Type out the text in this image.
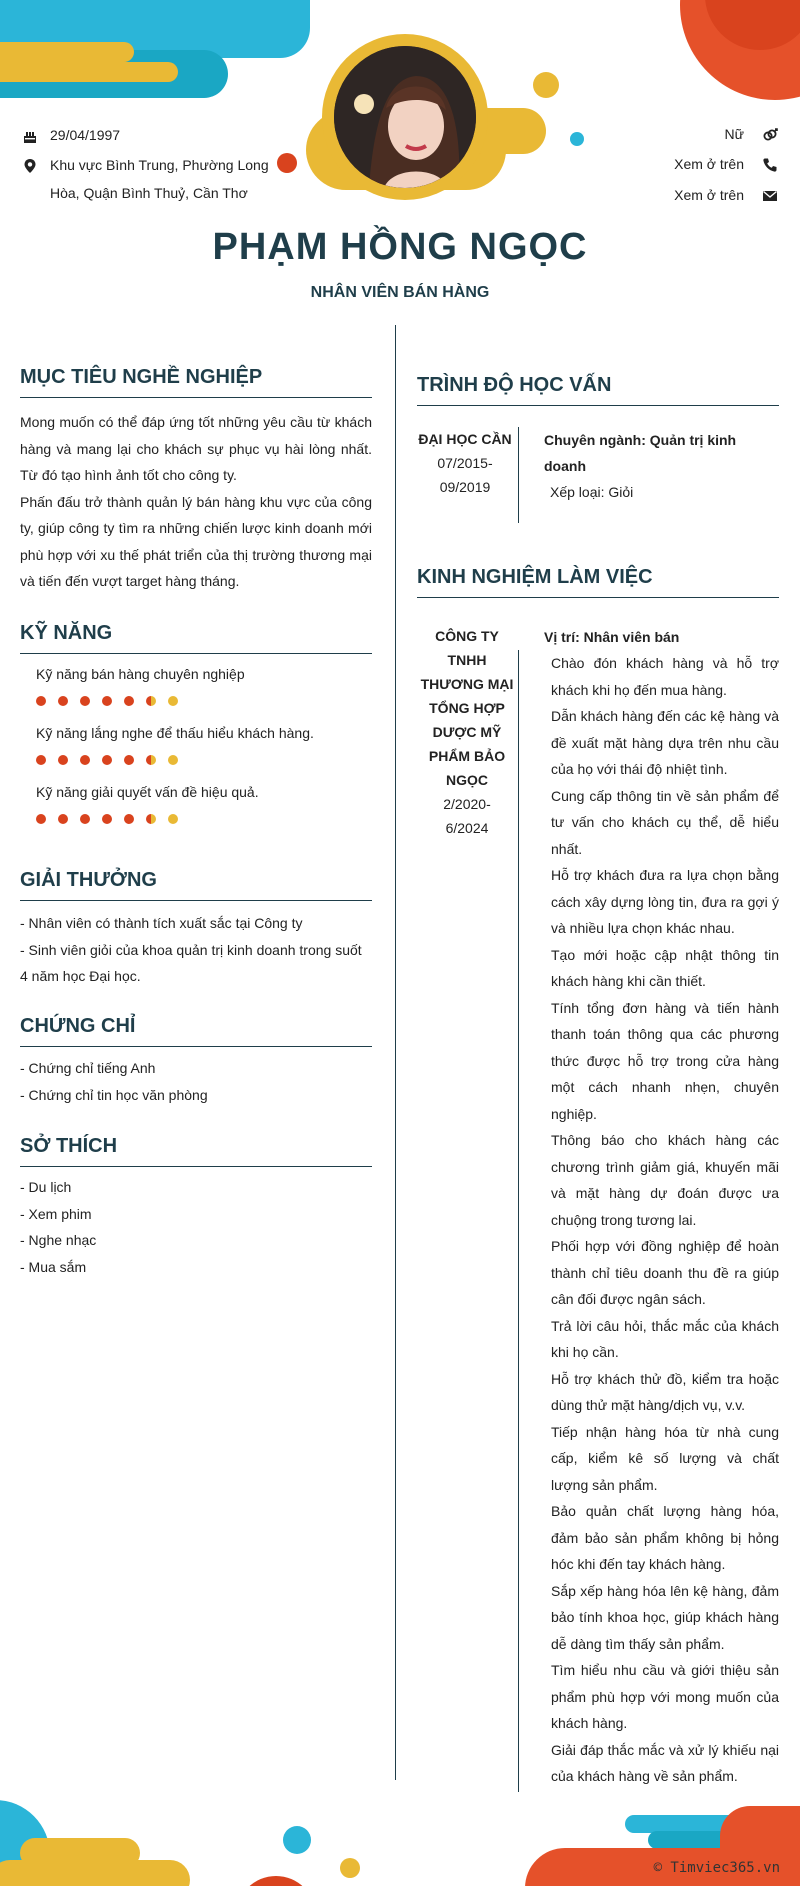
29/04/1997
Khu vực Bình Trung, Phường Long
Hòa, Quận Bình Thuỷ, Cần Thơ
Nữ
Xem ở trên
Xem ở trên
PHẠM HỒNG NGỌC
NHÂN VIÊN BÁN HÀNG
MỤC TIÊU NGHỀ NGHIỆP

Mong muốn có thể đáp ứng tốt những yêu cầu từ khách hàng và mang lại cho khách sự phục vụ hài lòng nhất. Từ đó tạo hình ảnh tốt cho công ty.

Phấn đấu trở thành quản lý bán hàng khu vực của công ty, giúp công ty tìm ra những chiến lược kinh doanh mới phù hợp với xu thế phát triển của thị trường thương mại và tiến đến vượt target hàng tháng.

KỸ NĂNG
Kỹ năng bán hàng chuyên nghiệp
Kỹ năng lắng nghe để thấu hiểu khách hàng.
Kỹ năng giải quyết vấn đề hiệu quả.
GIẢI THƯỞNG

- Nhân viên có thành tích xuất sắc tại Công ty

- Sinh viên giỏi của khoa quản trị kinh doanh trong suốt 4 năm học Đại học.

CHỨNG CHỈ

- Chứng chỉ tiếng Anh

- Chứng chỉ tin học văn phòng

SỞ THÍCH

- Du lịch

- Xem phim

- Nghe nhạc

- Mua sắm

TRÌNH ĐỘ HỌC VẤN
ĐẠI HỌC CẦN
07/2015-
09/2019
Chuyên ngành: Quản trị kinh doanh
Xếp loại: Giỏi
KINH NGHIỆM LÀM VIỆC
CÔNG TY
TNHH
THƯƠNG MẠI
TỔNG HỢP
DƯỢC MỸ
PHẨM BẢO
NGỌC
2/2020-
6/2024
Vị trí: Nhân viên bán

Chào đón khách hàng và hỗ trợ khách khi họ đến mua hàng.

Dẫn khách hàng đến các kệ hàng và đề xuất mặt hàng dựa trên nhu cầu của họ với thái độ nhiệt tình.

Cung cấp thông tin về sản phẩm để tư vấn cho khách cụ thể, dễ hiểu nhất.

Hỗ trợ khách đưa ra lựa chọn bằng cách xây dựng lòng tin, đưa ra gợi ý và nhiều lựa chọn khác nhau.

Tạo mới hoặc cập nhật thông tin khách hàng khi cần thiết.

Tính tổng đơn hàng và tiến hành thanh toán thông qua các phương thức được hỗ trợ trong cửa hàng một cách nhanh nhẹn, chuyên nghiệp.

Thông báo cho khách hàng các chương trình giảm giá, khuyến mãi và mặt hàng dự đoán được ưa chuộng trong tương lai.

Phối hợp với đồng nghiệp để hoàn thành chỉ tiêu doanh thu đề ra giúp cân đối được ngân sách.

Trả lời câu hỏi, thắc mắc của khách khi họ cần.

Hỗ trợ khách thử đồ, kiểm tra hoặc dùng thử mặt hàng/dịch vụ, v.v.

Tiếp nhận hàng hóa từ nhà cung cấp, kiểm kê số lượng và chất lượng sản phẩm.

Bảo quản chất lượng hàng hóa, đảm bảo sản phẩm không bị hỏng hóc khi đến tay khách hàng.

Sắp xếp hàng hóa lên kệ hàng, đảm bảo tính khoa học, giúp khách hàng dễ dàng tìm thấy sản phẩm.

Tìm hiểu nhu cầu và giới thiệu sản phẩm phù hợp với mong muốn của khách hàng.

Giải đáp thắc mắc và xử lý khiếu nại của khách hàng về sản phẩm.

© Timviec365.vn
